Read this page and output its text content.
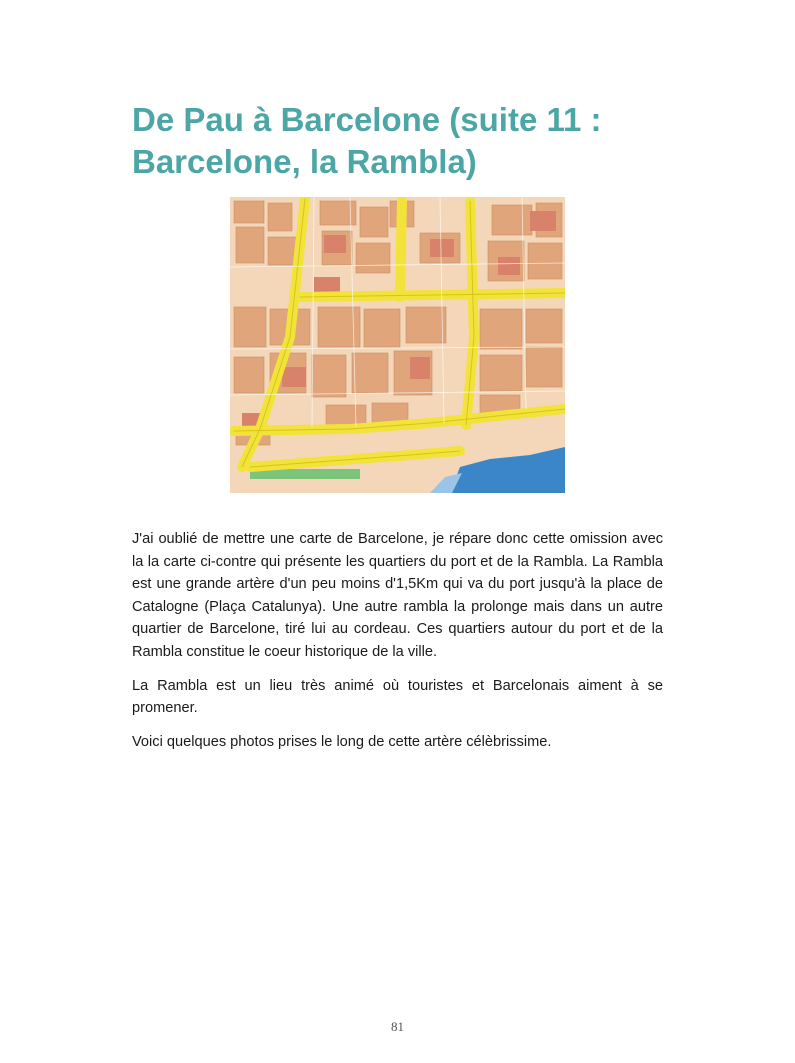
De Pau à Barcelone (suite 11 : Barcelone, la Rambla)

J'ai oublié de mettre une carte de Barcelone, je répare donc cette omission avec la la carte ci-contre qui présente les quartiers du port et de la Rambla. La Rambla est une grande artère d'un peu moins d'1,5Km qui va du port jusqu'à la place de Catalogne (Plaça Catalunya). Une autre rambla la prolonge mais dans un autre quartier de Barcelone, tiré lui au cordeau. Ces quartiers autour du port et de la Rambla constitue le coeur historique de la ville.

La Rambla est un lieu très animé où touristes et Barcelonais aiment à se promener.

Voici quelques photos prises le long de cette artère célèbrissime.

81
